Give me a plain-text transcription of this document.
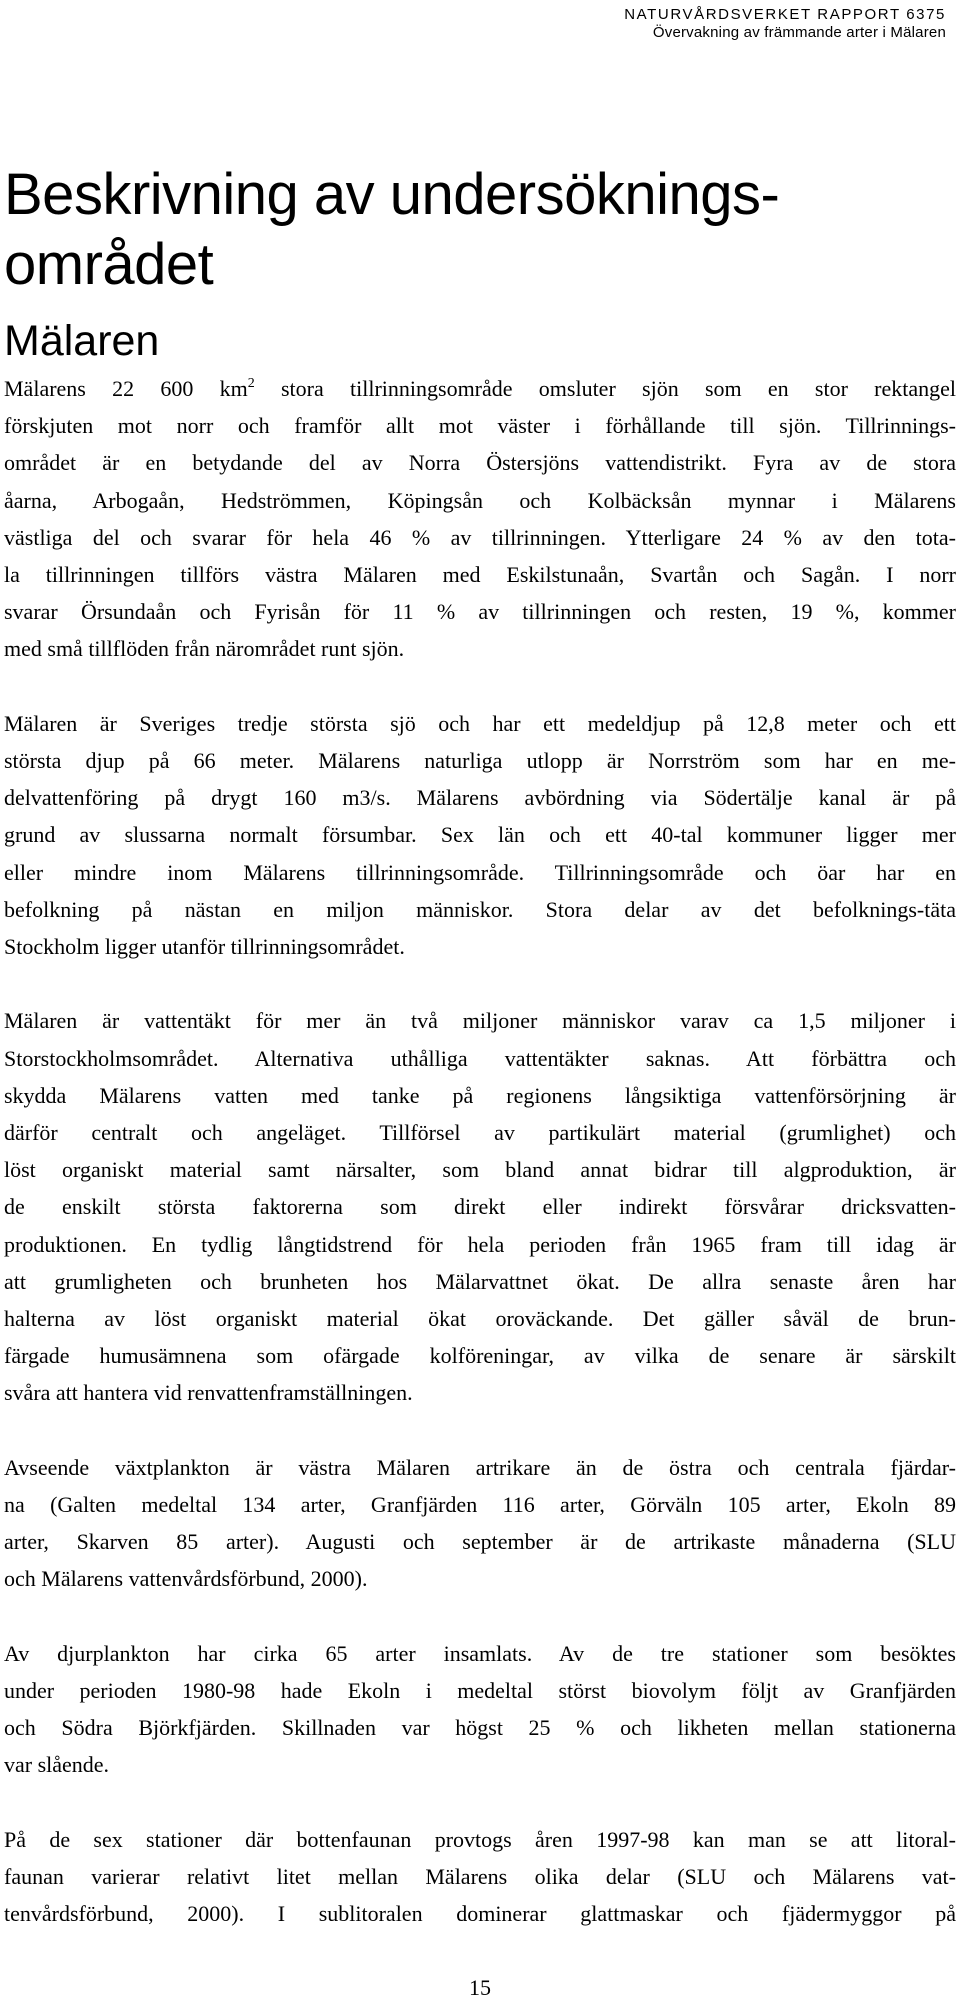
NATURVÅRDSVERKET RAPPORT 6375
Övervakning av främmande arter i Mälaren
Beskrivning av undersöknings-
området
Mälaren

Mälarens 22 600 $km^2$ stora tillrinningsområde omsluter sjön som en stor rektangel
förskjuten mot norr och framför allt mot väster i förhållande till sjön. Tillrinnings-
området är en betydande del av Norra Östersjöns vattendistrikt. Fyra av de stora
åarna, Arbogaån, Hedströmmen, Köpingsån och Kolbäcksån mynnar i Mälarens
västliga del och svarar för hela 46 % av tillrinningen. Ytterligare 24 % av den tota-
la tillrinningen tillförs västra Mälaren med Eskilstunaån, Svartån och Sagån. I norr
svarar Örsundaån och Fyrisån för 11 % av tillrinningen och resten, 19 %, kommer
med små tillflöden från närområdet runt sjön.

Mälaren är Sveriges tredje största sjö och har ett medeldjup på 12,8 meter och ett
största djup på 66 meter. Mälarens naturliga utlopp är Norrström som har en me-
delvattenföring på drygt 160 m3/s. Mälarens avbördning via Södertälje kanal är på
grund av slussarna normalt försumbar. Sex län och ett 40-tal kommuner ligger mer
eller mindre inom Mälarens tillrinningsområde. Tillrinningsområde och öar har en
befolkning på nästan en miljon människor. Stora delar av det befolknings-täta
Stockholm ligger utanför tillrinningsområdet.

Mälaren är vattentäkt för mer än två miljoner människor varav ca 1,5 miljoner i
Storstockholmsområdet. Alternativa uthålliga vattentäkter saknas. Att förbättra och
skydda Mälarens vatten med tanke på regionens långsiktiga vattenförsörjning är
därför centralt och angeläget. Tillförsel av partikulärt material (grumlighet) och
löst organiskt material samt närsalter, som bland annat bidrar till algproduktion, är
de enskilt största faktorerna som direkt eller indirekt försvårar dricksvatten-
produktionen. En tydlig långtidstrend för hela perioden från 1965 fram till idag är
att grumligheten och brunheten hos Mälarvattnet ökat. De allra senaste åren har
halterna av löst organiskt material ökat oroväckande. Det gäller såväl de brun-
färgade humusämnena som ofärgade kolföreningar, av vilka de senare är särskilt
svåra att hantera vid renvattenframställningen.

Avseende växtplankton är västra Mälaren artrikare än de östra och centrala fjärdar-
na (Galten medeltal 134 arter, Granfjärden 116 arter, Görväln 105 arter, Ekoln 89
arter, Skarven 85 arter). Augusti och september är de artrikaste månaderna (SLU
och Mälarens vattenvårdsförbund, 2000).

Av djurplankton har cirka 65 arter insamlats. Av de tre stationer som besöktes
under perioden 1980-98 hade Ekoln i medeltal störst biovolym följt av Granfjärden
och Södra Björkfjärden. Skillnaden var högst 25 % och likheten mellan stationerna
var slående.

På de sex stationer där bottenfaunan provtogs åren 1997-98 kan man se att litoral-
faunan varierar relativt litet mellan Mälarens olika delar (SLU och Mälarens vat-
tenvårdsförbund, 2000). I sublitoralen dominerar glattmaskar och fjädermyggor på

15
